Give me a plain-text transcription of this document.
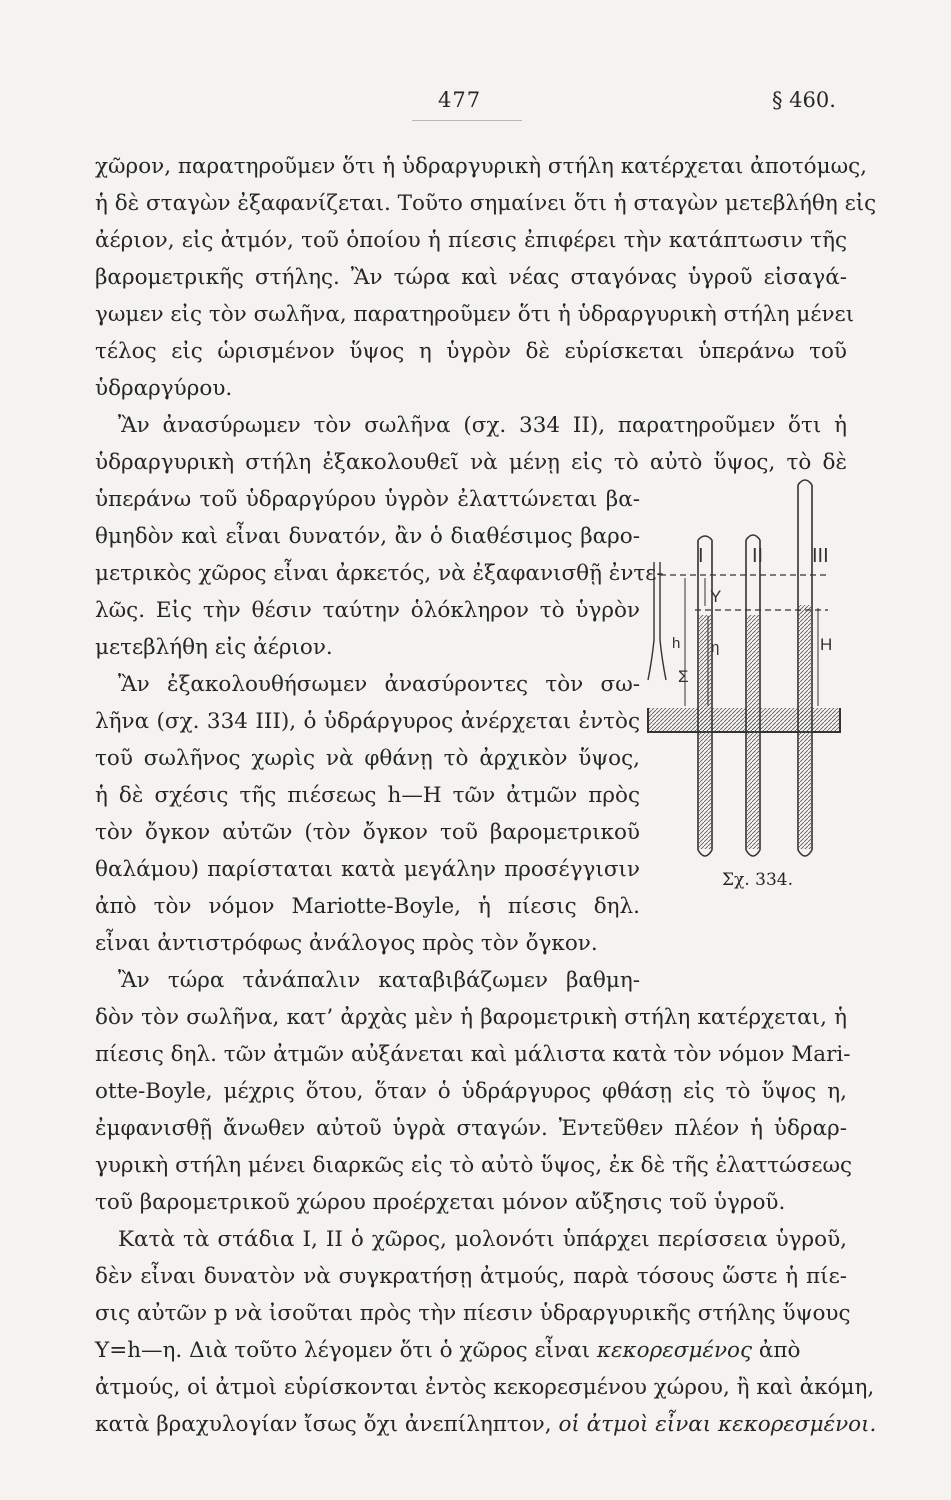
477	§ 460.
χῶρον, παρατηροῦμεν ὅτι ἡ ὑδραργυρικὴ στήλη κατέρχεται ἀποτόμως,
ἡ δὲ σταγὼν ἐξαφανίζεται. Τοῦτο σημαίνει ὅτι ἡ σταγὼν μετεβλήθη εἰς
ἀέριον, εἰς ἀτμόν, τοῦ ὁποίου ἡ πίεσις ἐπιφέρει τὴν κατάπτωσιν τῆς
βαρομετρικῆς στήλης. Ἂν τώρα καὶ νέας σταγόνας ὑγροῦ εἰσαγά-
γωμεν εἰς τὸν σωλῆνα, παρατηροῦμεν ὅτι ἡ ὑδραργυρικὴ στήλη μένει
τέλος εἰς ὡρισμένον ὕψος η ὑγρὸν δὲ εὑρίσκεται ὑπεράνω τοῦ
ὑδραργύρου.
Ἂν ἀνασύρωμεν τὸν σωλῆνα (σχ. 334 II), παρατηροῦμεν ὅτι ἡ
ὑδραργυρικὴ στήλη ἐξακολουθεῖ νὰ μένῃ εἰς τὸ αὐτὸ ὕψος, τὸ δὲ
ὑπεράνω τοῦ ὑδραργύρου ὑγρὸν ἐλαττώνεται βα-
θμηδὸν καὶ εἶναι δυνατόν, ἂν ὁ διαθέσιμος βαρο-
μετρικὸς χῶρος εἶναι ἀρκετός, νὰ ἐξαφανισθῇ ἐντε-
λῶς. Εἰς τὴν θέσιν ταύτην ὁλόκληρον τὸ ὑγρὸν
μετεβλήθη εἰς ἀέριον.
Ἂν ἐξακολουθήσωμεν ἀνασύροντες τὸν σω-
λῆνα (σχ. 334 III), ὁ ὑδράργυρος ἀνέρχεται ἐντὸς
τοῦ σωλῆνος χωρὶς νὰ φθάνῃ τὸ ἀρχικὸν ὕψος,
ἡ δὲ σχέσις τῆς πιέσεως h—H τῶν ἀτμῶν πρὸς
τὸν ὄγκον αὐτῶν (τὸν ὄγκον τοῦ βαρομετρικοῦ
θαλάμου) παρίσταται κατὰ μεγάλην προσέγγισιν
ἀπὸ τὸν νόμον Mariotte-Boyle, ἡ πίεσις δηλ.
εἶναι ἀντιστρόφως ἀνάλογος πρὸς τὸν ὄγκον.
Ἂν τώρα τἀνάπαλιν καταβιβάζωμεν βαθμη-
δὸν τὸν σωλῆνα, κατ’ ἀρχὰς μὲν ἡ βαρομετρικὴ στήλη κατέρχεται, ἡ
πίεσις δηλ. τῶν ἀτμῶν αὐξάνεται καὶ μάλιστα κατὰ τὸν νόμον Mari-
otte-Boyle, μέχρις ὅτου, ὅταν ὁ ὑδράργυρος φθάσῃ εἰς τὸ ὕψος η,
ἐμφανισθῇ ἄνωθεν αὐτοῦ ὑγρὰ σταγών. Ἐντεῦθεν πλέον ἡ ὑδραρ-
γυρικὴ στήλη μένει διαρκῶς εἰς τὸ αὐτὸ ὕψος, ἐκ δὲ τῆς ἐλαττώσεως
τοῦ βαρομετρικοῦ χώρου προέρχεται μόνον αὔξησις τοῦ ὑγροῦ.
Κατὰ τὰ στάδια I, II ὁ χῶρος, μολονότι ὑπάρχει περίσσεια ὑγροῦ,
δὲν εἶναι δυνατὸν νὰ συγκρατήσῃ ἀτμούς, παρὰ τόσους ὥστε ἡ πίε-
σις αὐτῶν p νὰ ἰσοῦται πρὸς τὴν πίεσιν ὑδραργυρικῆς στήλης ὕψους
Y=h—η. Διὰ τοῦτο λέγομεν ὅτι ὁ χῶρος εἶναι κεκορεσμένος ἀπὸ
ἀτμούς, οἱ ἀτμοὶ εὑρίσκονται ἐντὸς κεκορεσμένου χώρου, ἢ καὶ ἀκόμη,
κατὰ βραχυλογίαν ἴσως ὄχι ἀνεπίληπτον, οἱ ἀτμοὶ εἶναι κεκορεσμένοι.
I II III
Y
h η
Σ
H
Σχ. 334.
